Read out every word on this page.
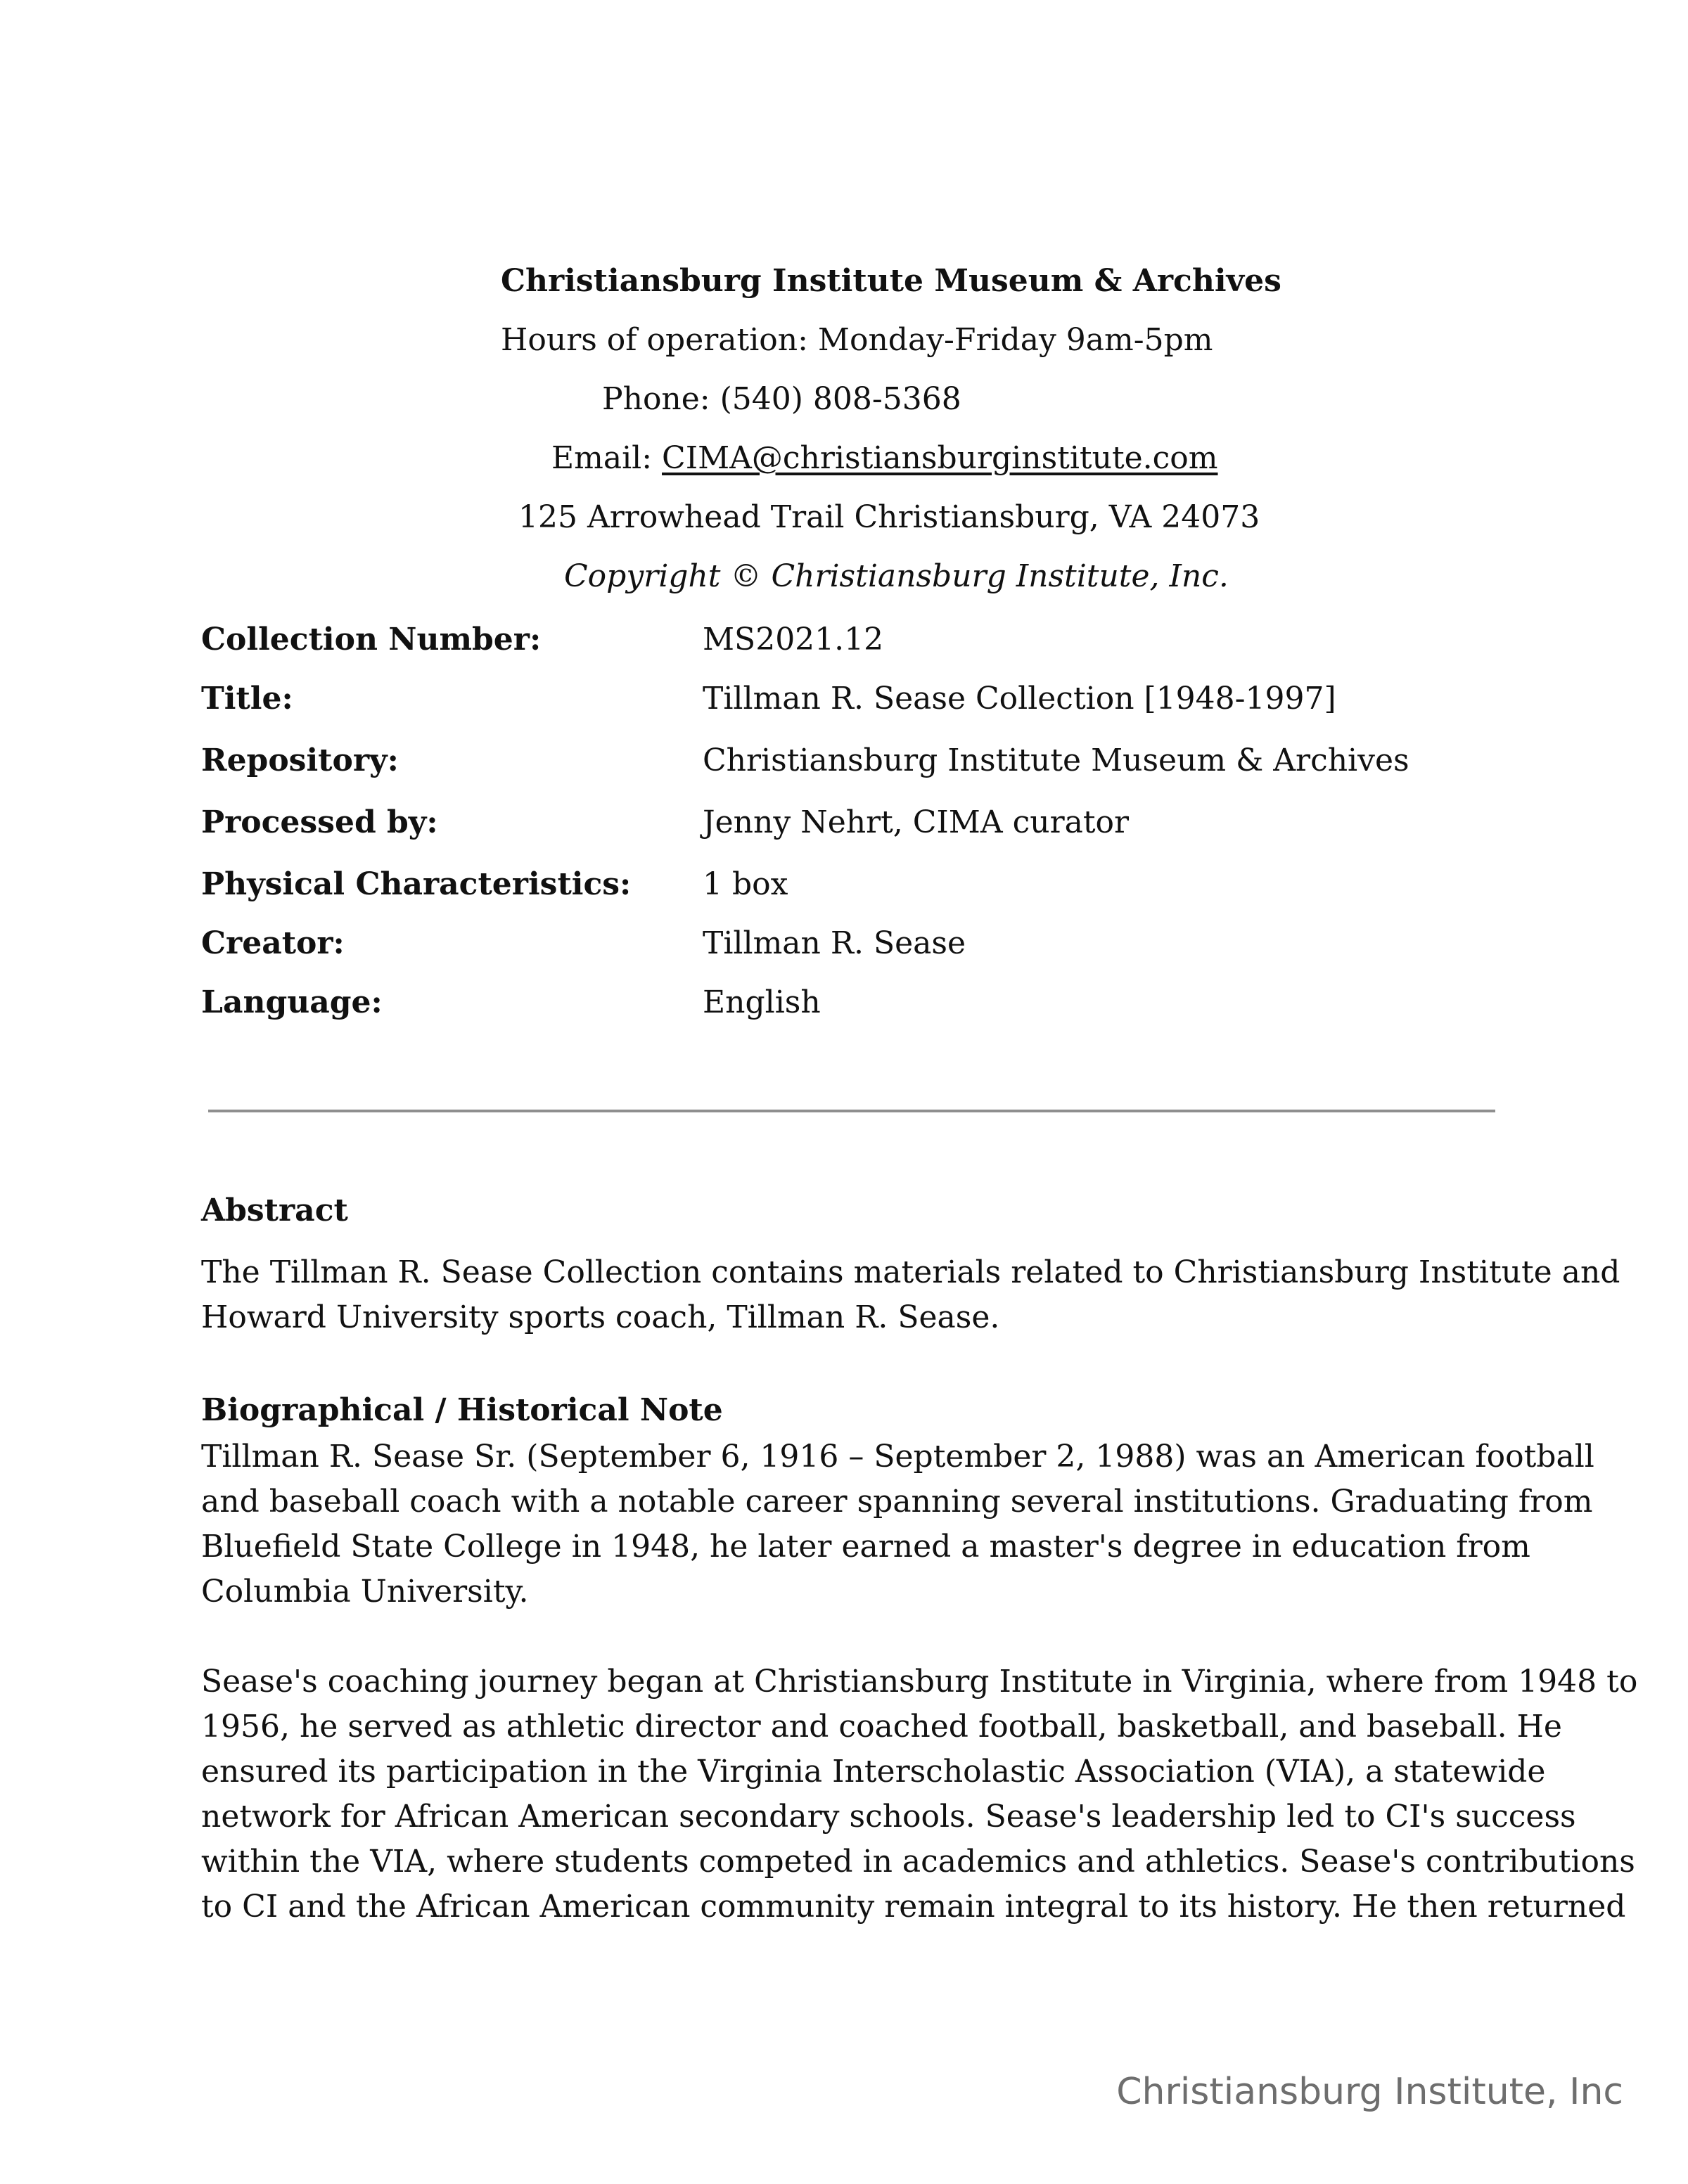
Christiansburg Institute Museum & Archives
Hours of operation: Monday-Friday 9am-5pm
Phone: (540) 808-5368
Email: CIMA@christiansburginstitute.com
125 Arrowhead Trail Christiansburg, VA 24073
Copyright © Christiansburg Institute, Inc.
Collection Number:	MS2021.12
Title:	Tillman R. Sease Collection [1948-1997]
Repository:	Christiansburg Institute Museum & Archives
Processed by:	Jenny Nehrt, CIMA curator
Physical Characteristics:	1 box
Creator:	Tillman R. Sease
Language:	English
Abstract

The Tillman R. Sease Collection contains materials related to Christiansburg Institute and
Howard University sports coach, Tillman R. Sease.

Biographical / Historical Note

Tillman R. Sease Sr. (September 6, 1916 – September 2, 1988) was an American football
and baseball coach with a notable career spanning several institutions. Graduating from
Bluefield State College in 1948, he later earned a master's degree in education from
Columbia University.

Sease's coaching journey began at Christiansburg Institute in Virginia, where from 1948 to
1956, he served as athletic director and coached football, basketball, and baseball. He
ensured its participation in the Virginia Interscholastic Association (VIA), a statewide
network for African American secondary schools. Sease's leadership led to CI's success
within the VIA, where students competed in academics and athletics. Sease's contributions
to CI and the African American community remain integral to its history. He then returned

Christiansburg Institute, Inc
